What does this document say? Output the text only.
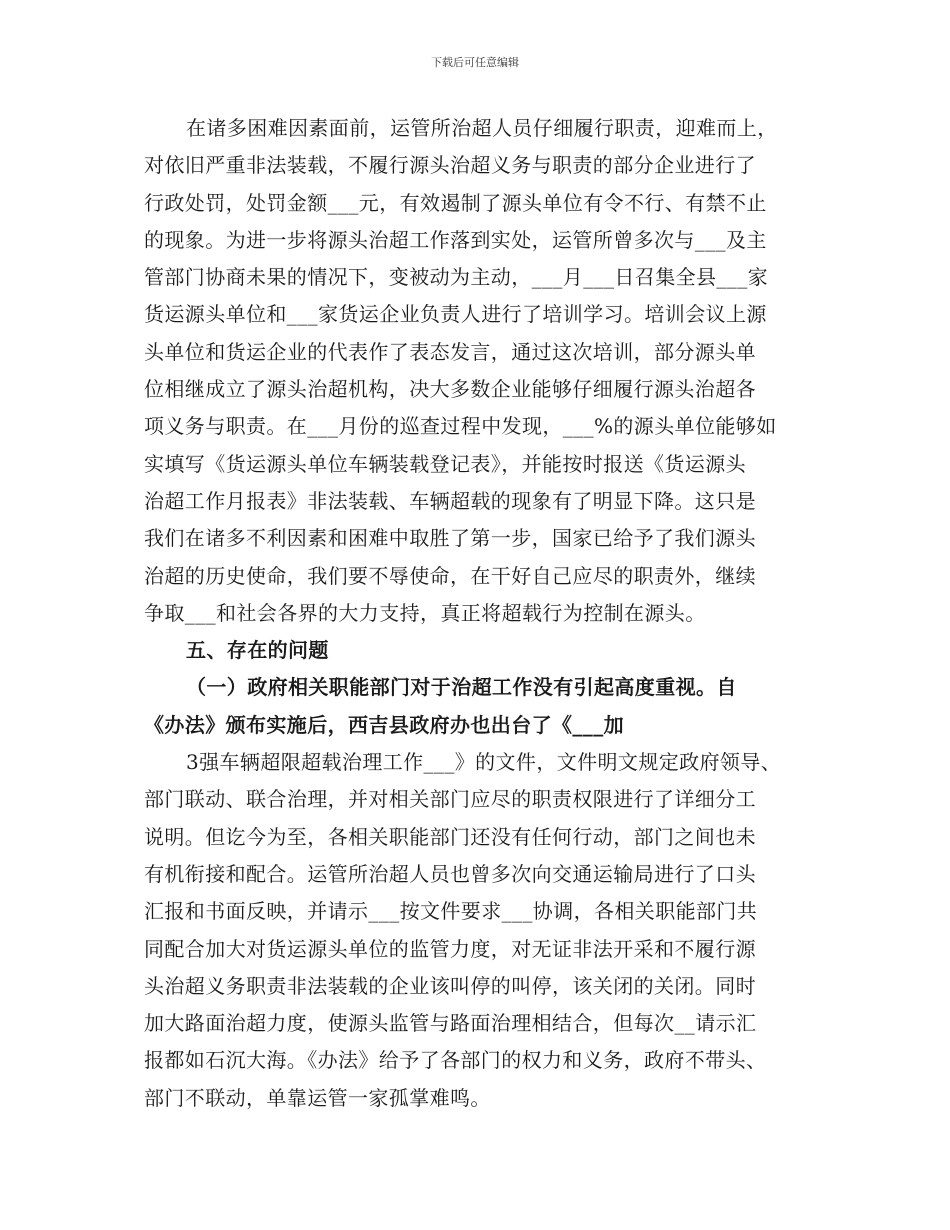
下载后可任意编辑
在诸多困难因素面前，运管所治超人员仔细履行职责，迎难而上，
对依旧严重非法装载，不履行源头治超义务与职责的部分企业进行了
行政处罚，处罚金额___元，有效遏制了源头单位有令不行、有禁不止
的现象。为进一步将源头治超工作落到实处，运管所曾多次与___及主
管部门协商未果的情况下，变被动为主动，___月___日召集全县___家
货运源头单位和___家货运企业负责人进行了培训学习。培训会议上源
头单位和货运企业的代表作了表态发言，通过这次培训，部分源头单
位相继成立了源头治超机构，决大多数企业能够仔细履行源头治超各
项义务与职责。在___月份的巡查过程中发现，___%的源头单位能够如
实填写《货运源头单位车辆装载登记表》，并能按时报送《货运源头
治超工作月报表》非法装载、车辆超载的现象有了明显下降。这只是
我们在诸多不利因素和困难中取胜了第一步，国家已给予了我们源头
治超的历史使命，我们要不辱使命，在干好自己应尽的职责外，继续
争取___和社会各界的大力支持，真正将超载行为控制在源头。
五、存在的问题
（一）政府相关职能部门对于治超工作没有引起高度重视。自
《办法》颁布实施后，西吉县政府办也出台了《___加
3强车辆超限超载治理工作___》的文件，文件明文规定政府领导、
部门联动、联合治理，并对相关部门应尽的职责权限进行了详细分工
说明。但讫今为至，各相关职能部门还没有任何行动，部门之间也未
有机衔接和配合。运管所治超人员也曾多次向交通运输局进行了口头
汇报和书面反映，并请示___按文件要求___协调，各相关职能部门共
同配合加大对货运源头单位的监管力度，对无证非法开采和不履行源
头治超义务职责非法装载的企业该叫停的叫停，该关闭的关闭。同时
加大路面治超力度，使源头监管与路面治理相结合，但每次__请示汇
报都如石沉大海。《办法》给予了各部门的权力和义务，政府不带头、
部门不联动，单靠运管一家孤掌难鸣。
